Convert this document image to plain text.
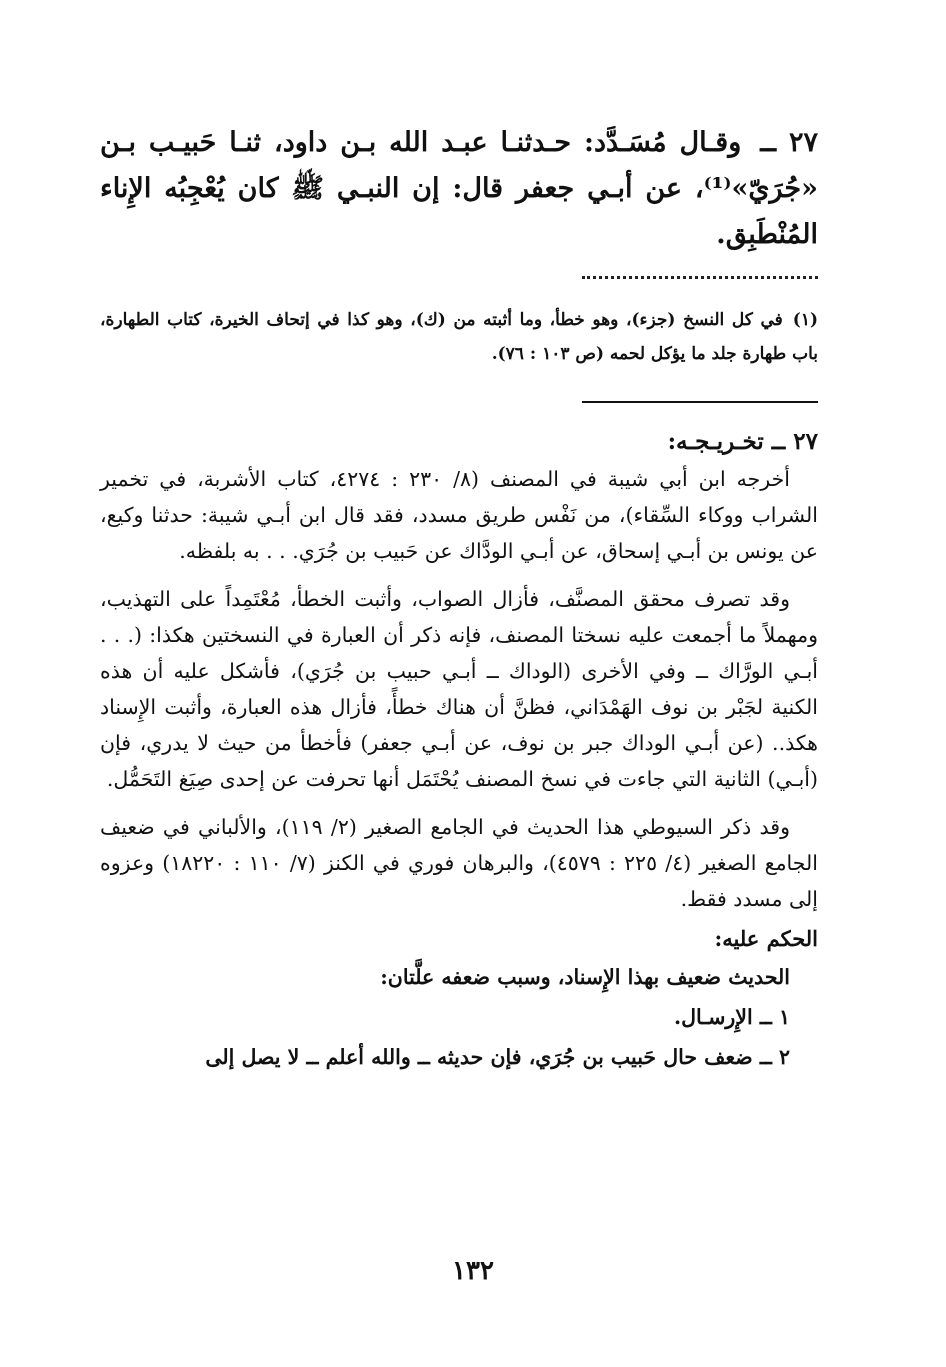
٢٧ ــ وقـال مُسَـدَّد: حـدثنـا عبـد الله بـن داود، ثنـا حَبيـب بـن «جُرَيّ»⁽¹⁾، عن أبـي جعفر قال: إن النبـي ﷺ كان يُعْجِبُه الإِناء المُنْطَبِق.

(١)في كل النسخ (جزء)، وهو خطأ، وما أثبته من (ك)، وهو كذا في إتحاف الخيرة، كتاب الطهارة، باب طهارة جلد ما يؤكل لحمه (ص ١٠٣ : ٧٦).
٢٧ ــ تخـريـجـه:

أخرجه ابن أبي شيبة في المصنف (٨/ ٢٣٠ : ٤٢٧٤، كتاب الأشربة، في تخمير الشراب ووكاء السِّقاء)، من نَفْس طريق مسدد، فقد قال ابن أبـي شيبة: حدثنا وكيع، عن يونس بن أبـي إسحاق، عن أبـي الودَّاك عن حَبيب بن جُرَي. . . به بلفظه.

وقد تصرف محقق المصنَّف، فأزال الصواب، وأثبت الخطأ، مُعْتَمِداً على التهذيب، ومهملاً ما أجمعت عليه نسختا المصنف، فإنه ذكر أن العبارة في النسختين هكذا: (. . . أبـي الورَّاك ــ وفي الأخرى (الوداك ــ أبـي حبيب بن جُرَي)، فأشكل عليه أن هذه الكنية لجَبْر بن نوف الهَمْدَاني، فظنَّ أن هناك خطأً، فأزال هذه العبارة، وأثبت الإِسناد هكذ.. (عن أبـي الوداك جبر بن نوف، عن أبـي جعفر) فأخطأ من حيث لا يدري، فإن (أبـي) الثانية التي جاءت في نسخ المصنف يُحْتَمَل أنها تحرفت عن إحدى صِيَغ التَحَمُّل.

وقد ذكر السيوطي هذا الحديث في الجامع الصغير (٢/ ١١٩)، والألباني في ضعيف الجامع الصغير (٤/ ٢٢٥ : ٤٥٧٩)، والبرهان فوري في الكنز (٧/ ١١٠ : ١٨٢٢٠) وعزوه إلى مسدد فقط.

الحكم عليه:
الحديث ضعيف بهذا الإِسناد، وسبب ضعفه علَّتان:
١ ــ الإِرسـال.
٢ ــ ضعف حال حَبيب بن جُرَي، فإن حديثه ــ والله أعلم ــ لا يصل إلى
١٣٢
